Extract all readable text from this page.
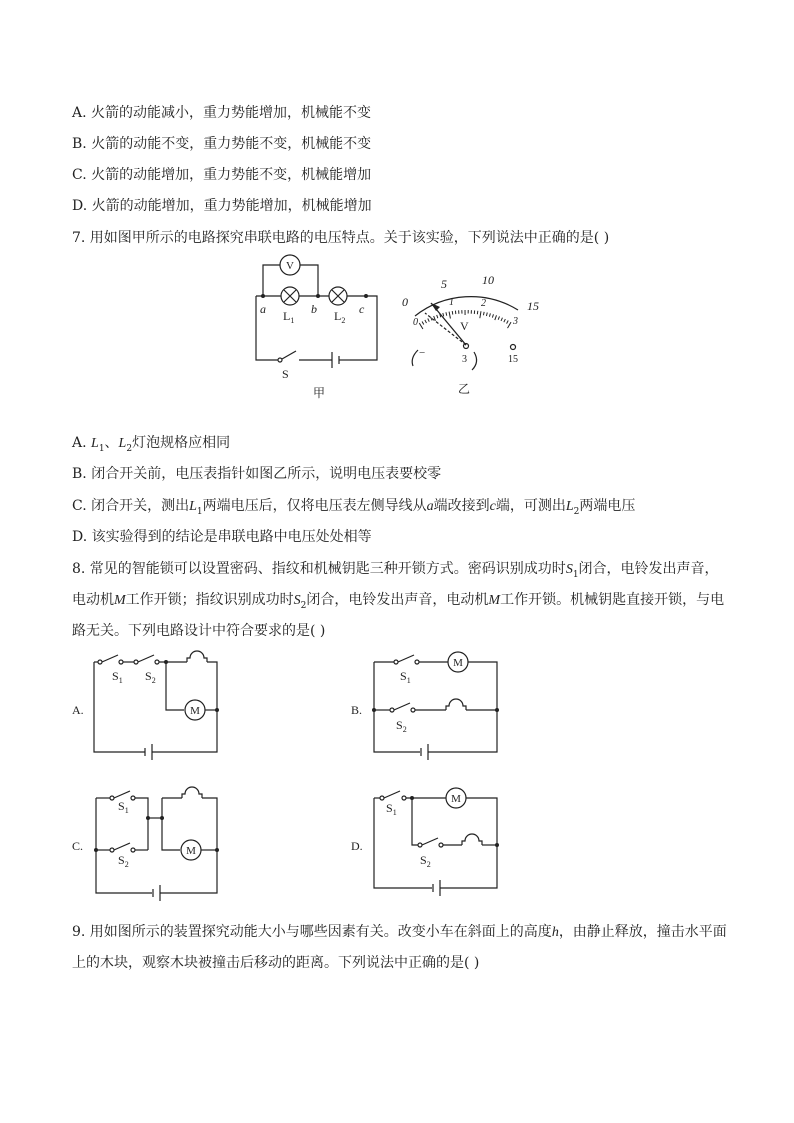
A. 火箭的动能减小，重力势能增加，机械能不变
B. 火箭的动能不变，重力势能不变，机械能不变
C. 火箭的动能增加，重力势能不变，机械能增加
D. 火箭的动能增加，重力势能增加，机械能增加
7. 用如图甲所示的电路探究串联电路的电压特点。关于该实验，下列说法中正确的是( )
V
a $L_1$
b $L_2$
c
S
甲
0
5	10
15
0
1	2
3
V
3	15
−
乙
A. $L_1$、$L_2$灯泡规格应相同
B. 闭合开关前，电压表指针如图乙所示，说明电压表要校零
C. 闭合开关，测出$L_1$两端电压后，仅将电压表左侧导线从a端改接到c端，可测出$L_2$两端电压
D. 该实验得到的结论是串联电路中电压处处相等
8. 常见的智能锁可以设置密码、指纹和机械钥匙三种开锁方式。密码识别成功时$S_1$闭合，电铃发出声音，
电动机M工作开锁；指纹识别成功时$S_2$闭合，电铃发出声音，电动机M工作开锁。机械钥匙直接开锁，与电
路无关。下列电路设计中符合要求的是( )
A.	M
$S_1$ $S_2$
B.
M
$S_1$
$S_2$
C.	M
$S_1$
$S_2$
D.
M
$S_1$
$S_2$
9. 用如图所示的装置探究动能大小与哪些因素有关。改变小车在斜面上的高度h，由静止释放，撞击水平面
上的木块，观察木块被撞击后移动的距离。下列说法中正确的是( )
